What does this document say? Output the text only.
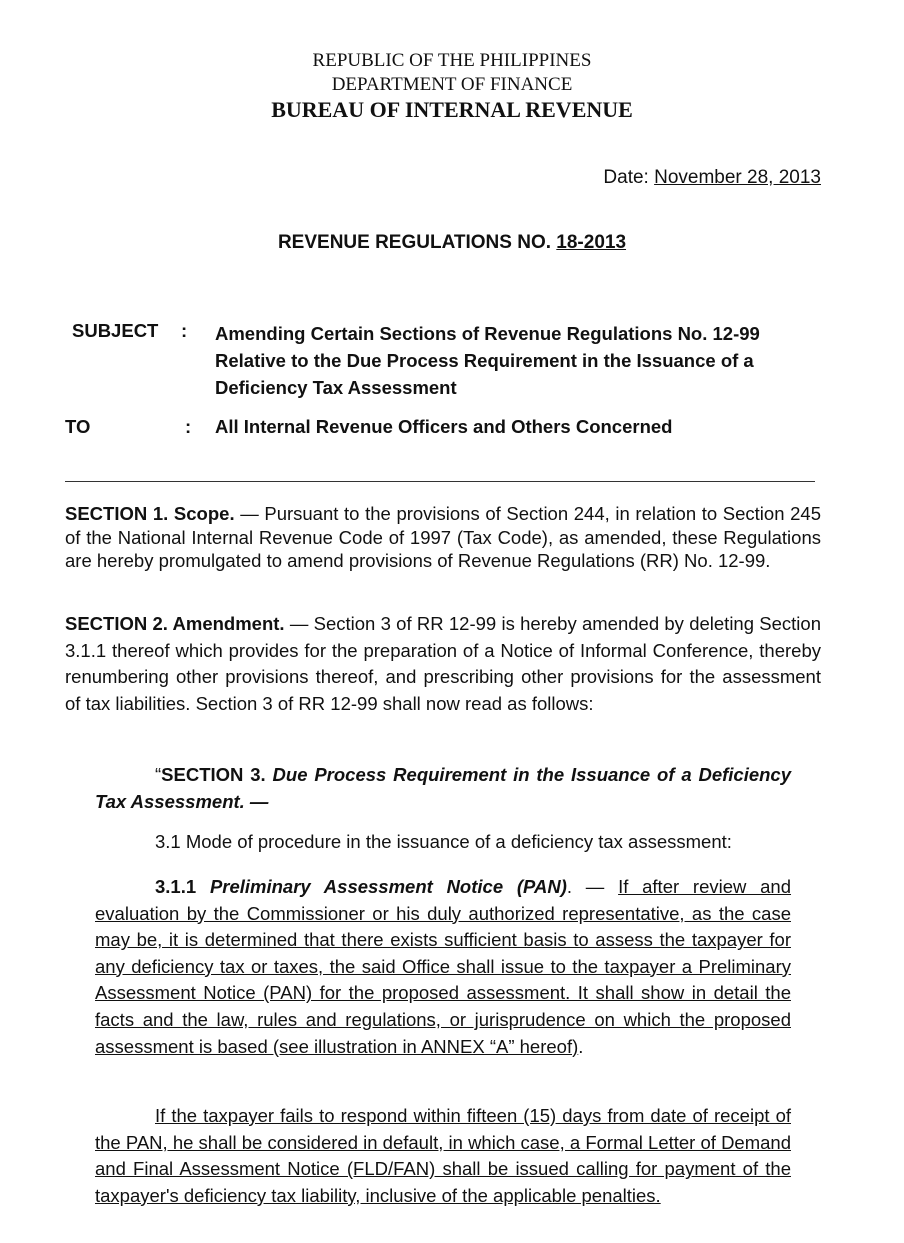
REPUBLIC OF THE PHILIPPINES
DEPARTMENT OF FINANCE
BUREAU OF INTERNAL REVENUE
Date: November 28, 2013
REVENUE REGULATIONS NO. 18-2013
SUBJECT : Amending Certain Sections of Revenue Regulations No. 12-99 Relative to the Due Process Requirement in the Issuance of a Deficiency Tax Assessment
TO	: All Internal Revenue Officers and Others Concerned
SECTION 1. Scope. — Pursuant to the provisions of Section 244, in relation to Section 245 of the National Internal Revenue Code of 1997 (Tax Code), as amended, these Regulations are hereby promulgated to amend provisions of Revenue Regulations (RR) No. 12-99.
SECTION 2. Amendment. — Section 3 of RR 12-99 is hereby amended by deleting Section 3.1.1 thereof which provides for the preparation of a Notice of Informal Conference, thereby renumbering other provisions thereof, and prescribing other provisions for the assessment of tax liabilities. Section 3 of RR 12-99 shall now read as follows:
“SECTION 3. Due Process Requirement in the Issuance of a Deficiency Tax Assessment. —
3.1 Mode of procedure in the issuance of a deficiency tax assessment:
3.1.1 Preliminary Assessment Notice (PAN). — If after review and evaluation by the Commissioner or his duly authorized representative, as the case may be, it is determined that there exists sufficient basis to assess the taxpayer for any deficiency tax or taxes, the said Office shall issue to the taxpayer a Preliminary Assessment Notice (PAN) for the proposed assessment. It shall show in detail the facts and the law, rules and regulations, or jurisprudence on which the proposed assessment is based (see illustration in ANNEX “A” hereof).
If the taxpayer fails to respond within fifteen (15) days from date of receipt of the PAN, he shall be considered in default, in which case, a Formal Letter of Demand and Final Assessment Notice (FLD/FAN) shall be issued calling for payment of the taxpayer's deficiency tax liability, inclusive of the applicable penalties.
